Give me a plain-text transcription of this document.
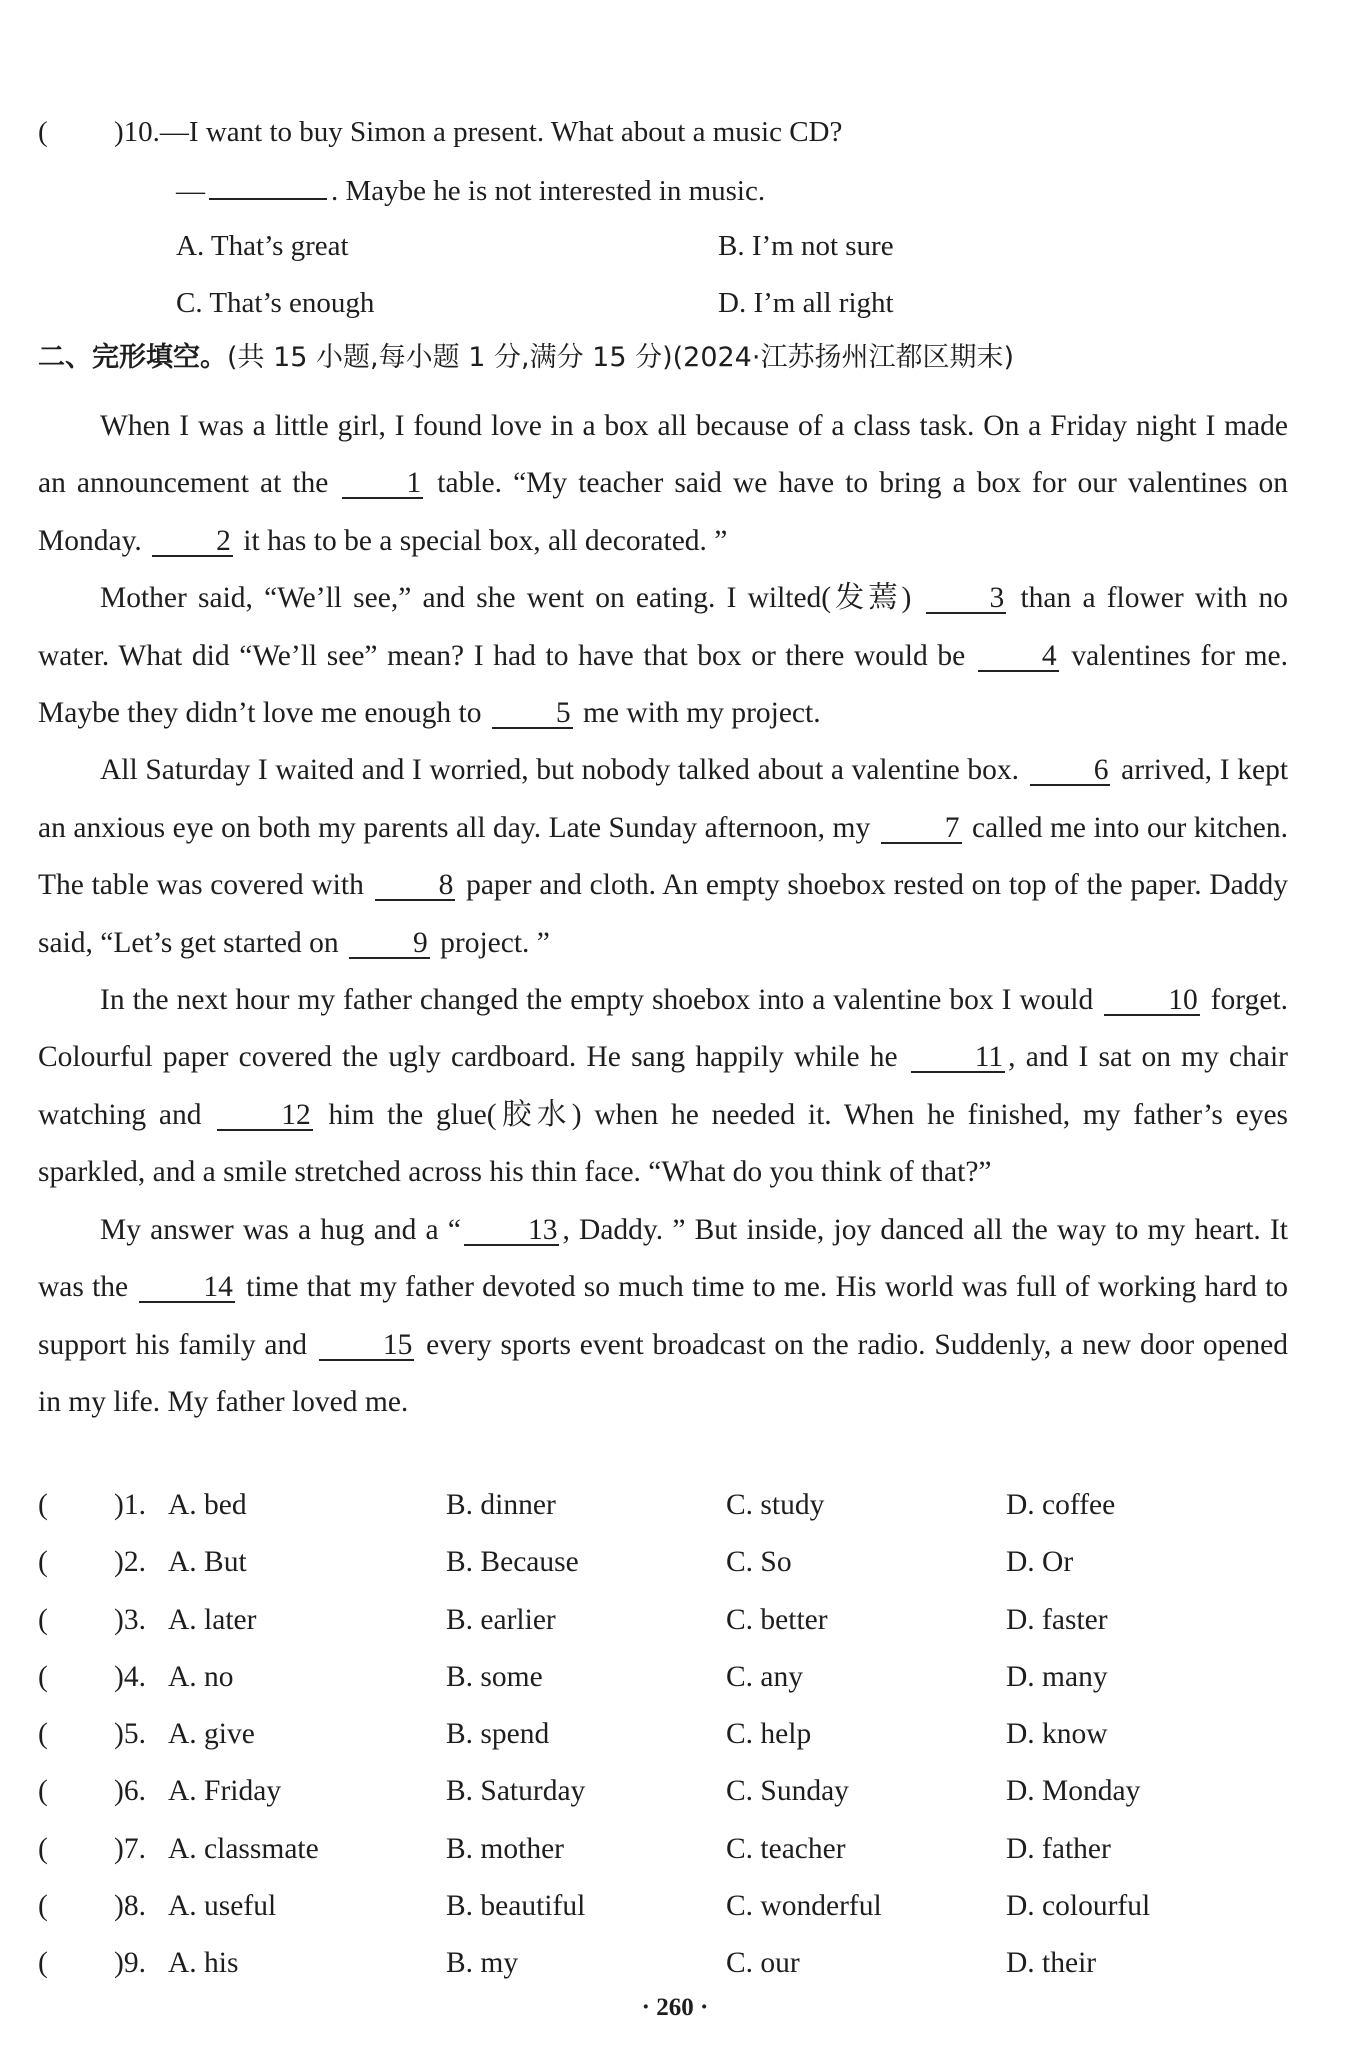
( )10.—I want to buy Simon a present. What about a music CD?
—	. Maybe he is not interested in music.
A. That’s great	B. I’m not sure
C. That’s enough	D. I’m all right
二、完形填空。(共 15 小题,每小题 1 分,满分 15 分)(2024·江苏扬州江都区期末)

When I was a little girl, I found love in a box all because of a class task. On a Friday night I made an announcement at the	1 table. “My teacher said we have to bring a box for our valentines on Monday.	2 it has to be a special box, all decorated. ”

Mother said, “We’ll see,” and she went on eating. I wilted(发蔫)	3 than a flower with no water. What did “We’ll see” mean? I had to have that box or there would be	4 valentines for me. Maybe they didn’t love me enough to	5 me with my project.

All Saturday I waited and I worried, but nobody talked about a valentine box.	6 arrived, I kept an anxious eye on both my parents all day. Late Sunday afternoon, my	7 called me into our kitchen. The table was covered with	8 paper and cloth. An empty shoebox rested on top of the paper. Daddy said, “Let’s get started on	9 project. ”

In the next hour my father changed the empty shoebox into a valentine box I would	10 forget. Colourful paper covered the ugly cardboard. He sang happily while he	11 , and I sat on my chair watching and	12 him the glue(胶水) when he needed it. When he finished, my father’s eyes sparkled, and a smile stretched across his thin face. “What do you think of that?”

My answer was a hug and a “ 13 , Daddy. ” But inside, joy danced all the way to my heart. It was the	14 time that my father devoted so much time to me. His world was full of working hard to support his family and	15 every sports event broadcast on the radio. Suddenly, a new door opened in my life. My father loved me.

( )1. A. bed	B. dinner	C. study	D. coffee
( )2. A. But	B. Because	C. So	D. Or
( )3. A. later	B. earlier	C. better	D. faster
( )4. A. no	B. some	C. any	D. many
( )5. A. give	B. spend	C. help	D. know
( )6. A. Friday	B. Saturday	C. Sunday	D. Monday
( )7. A. classmate	B. mother	C. teacher	D. father
( )8. A. useful	B. beautiful	C. wonderful	D. colourful
( )9. A. his	B. my	C. our	D. their
· 260 ·
